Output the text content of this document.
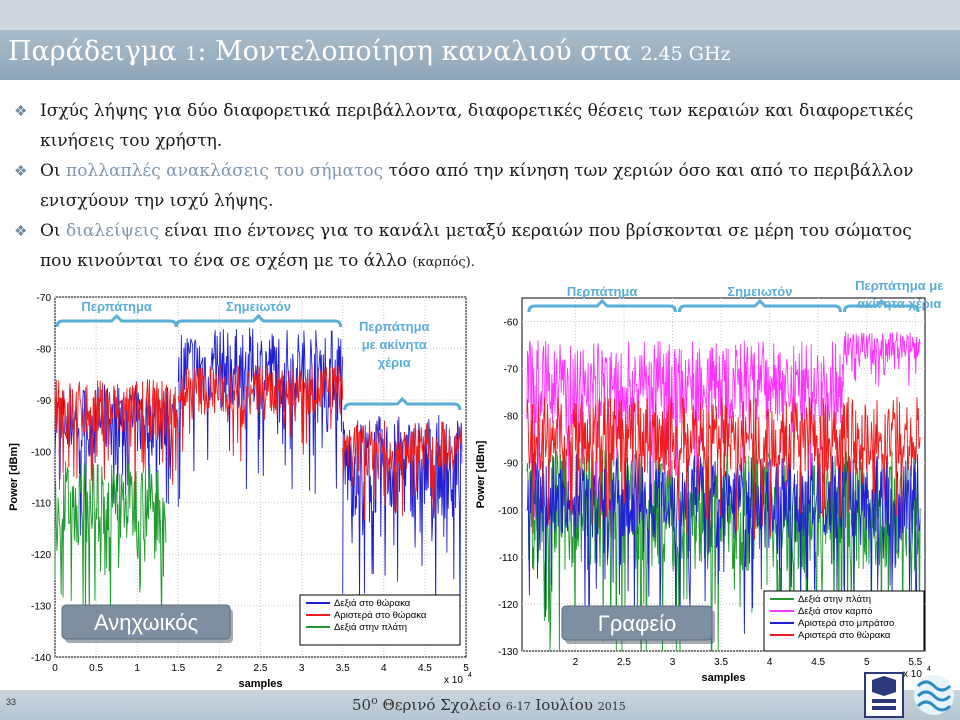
Παράδειγμα 1: Μοντελοποίηση καναλιού στα 2.45 GHz
❖ Ισχύς λήψης για δύο διαφορετικά περιβάλλοντα, διαφορετικές θέσεις των κεραιών και διαφορετικές κινήσεις του χρήστη.
❖ Οι πολλαπλές ανακλάσεις του σήματος τόσο από την κίνηση των χεριών όσο και από το περιβάλλον ενισχύουν την ισχύ λήψης.
❖ Οι διαλείψεις είναι πιο έντονες για το κανάλι μεταξύ κεραιών που βρίσκονται σε μέρη του σώματος που κινούνται το ένα σε σχέση με το άλλο (καρπός).
-140
-130
-120
-110
-100
-90
-80
-70
0	0.5	1	1.5	2	2.5	3	3.5	4	4.5	5
samples
Power [dBm]
x 10 4
Περπάτημα	Σημειωτόν
Περπάτημα με ακίνητα χέρια
Δεξιά στο θώρακα
Αριστερά στο θώρακα
Δεξιά στην πλάτη
Ανηχωικός
-130
-120
-110
-100
-90
-80
-70
-60
2	2.5	3	3.5	4	4.5	5	5.5
samples
Power [dBm]
x 10 4
Περπάτημα	Σημειωτόν	Περπάτημα με ακίνητα χέρια
Δεξιά στην πλάτη
Δεξιά στον καρπό
Αριστερά στο μπράτσο
Αριστερά στο θώρακα
Γραφείο
33	$50^o$ Θερινό Σχολείο 6-17 Ιουλίου 2015
